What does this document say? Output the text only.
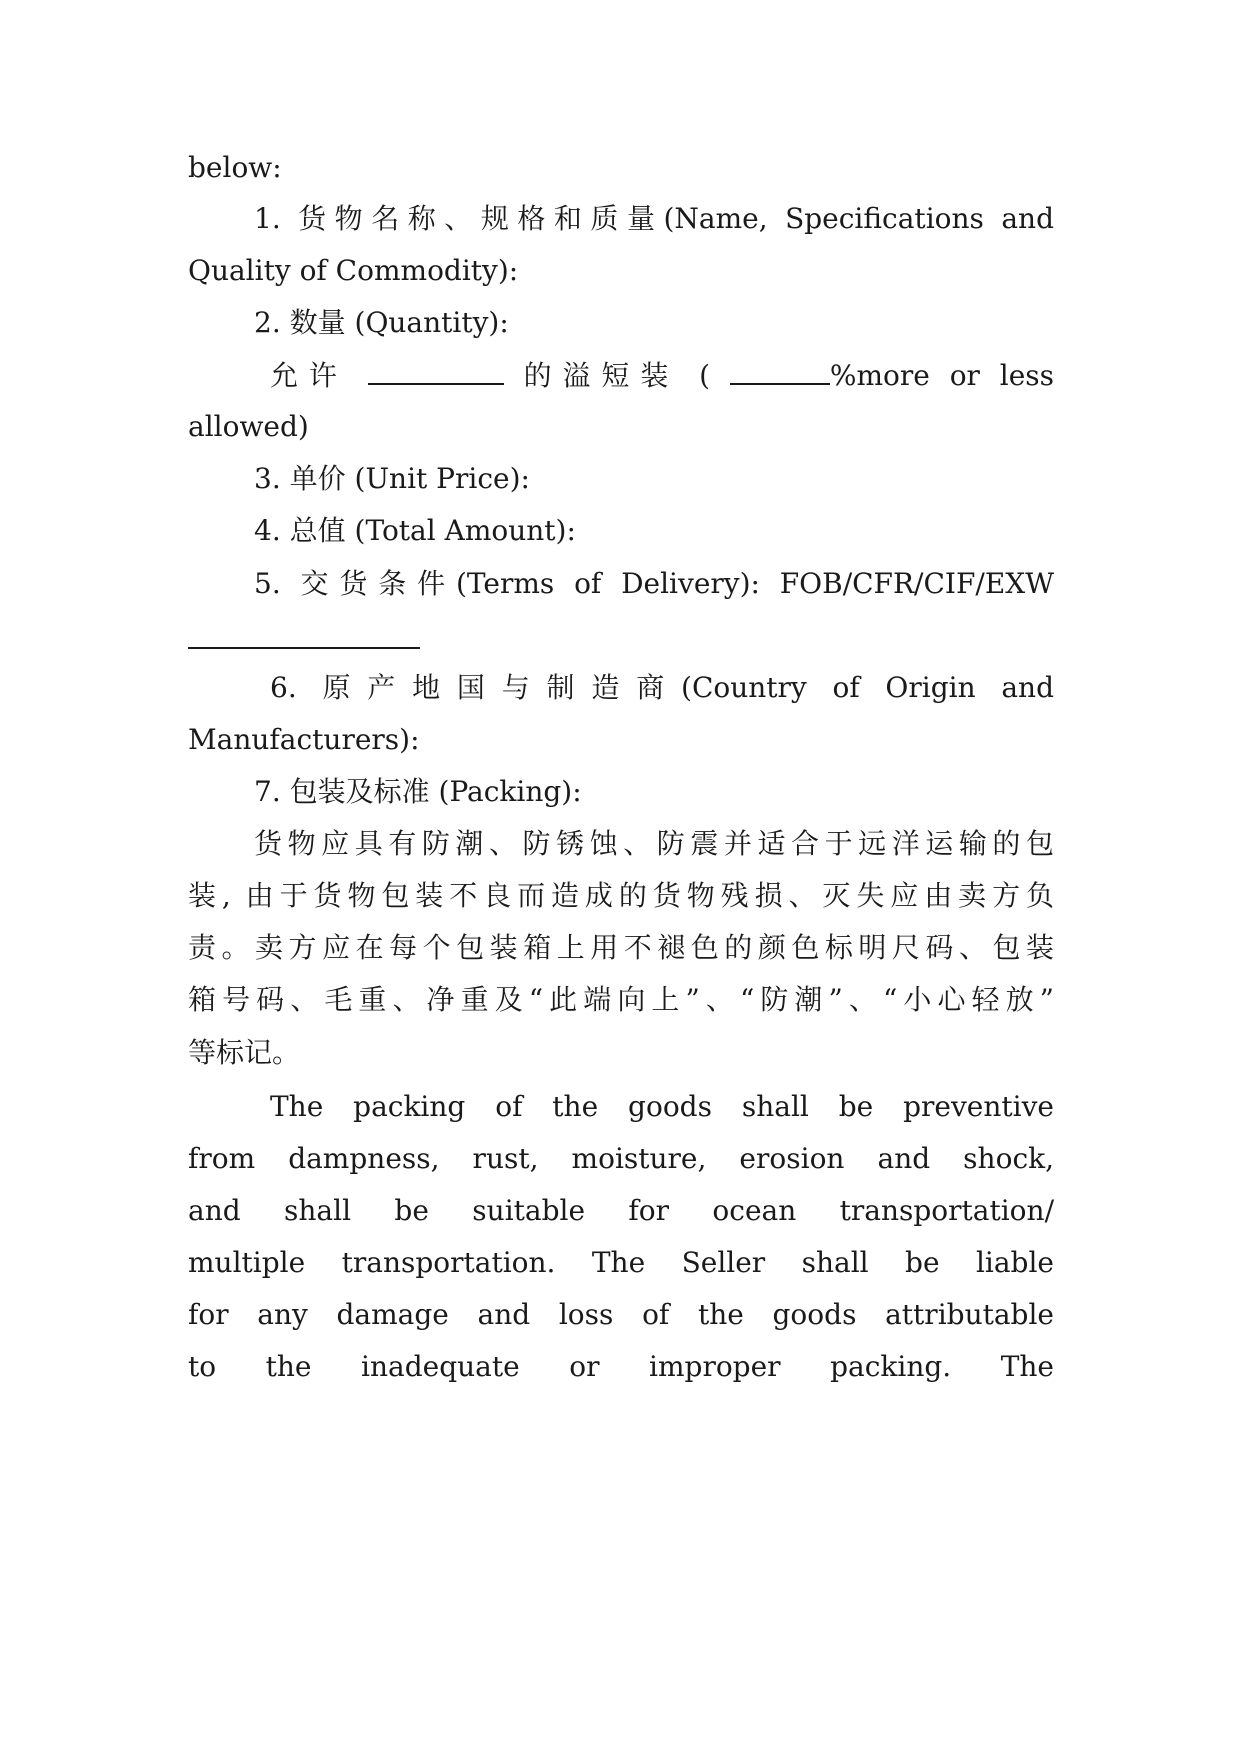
below:
1. 货物名称、规格和质量(Name, Specifications and
Quality of Commodity):
2. 数量 (Quantity):
允许	的溢短装 (	%more or less
allowed)
3. 单价 (Unit Price):
4. 总值 (Total Amount):
5. 交货条件(Terms of Delivery): FOB/CFR/CIF/EXW
6. 原产地国与制造商(Country of Origin and
Manufacturers):
7. 包装及标准 (Packing):
货物应具有防潮、防锈蚀、防震并适合于远洋运输的包
装, 由于货物包装不良而造成的货物残损、灭失应由卖方负
责。卖方应在每个包装箱上用不褪色的颜色标明尺码、包装
箱号码、毛重、净重及“此端向上”、“防潮”、“小心轻放”
等标记。
The packing of the goods shall be preventive
from dampness, rust, moisture, erosion and shock,
and shall be suitable for ocean transportation/
multiple transportation. The Seller shall be liable
for any damage and loss of the goods attributable
to the inadequate or improper packing. The
